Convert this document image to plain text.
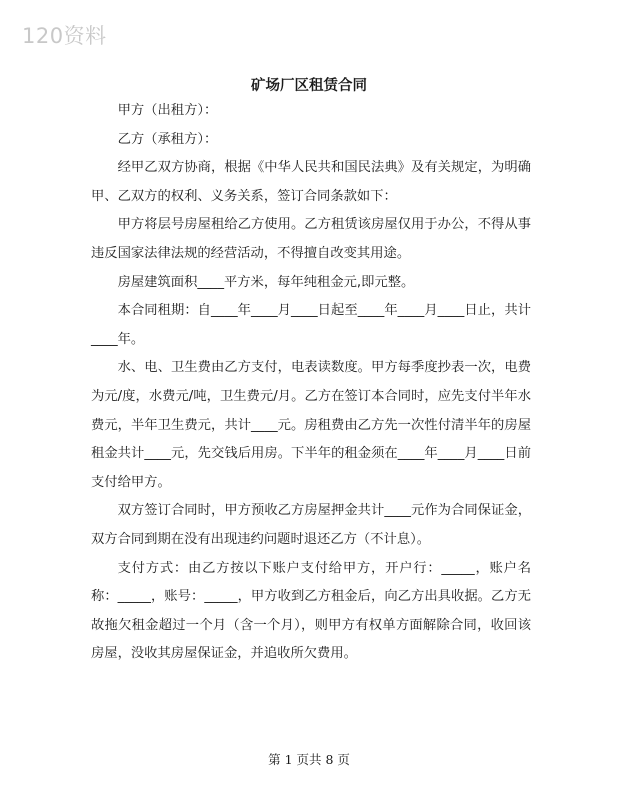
120资料
矿场厂区租赁合同

甲方（出租方）：

乙方（承租方）：

经甲乙双方协商，根据《中华人民共和国民法典》及有关规定，为明确甲、乙双方的权利、义务关系，签订合同条款如下：

甲方将层号房屋租给乙方使用。乙方租赁该房屋仅用于办公，不得从事违反国家法律法规的经营活动，不得擅自改变其用途。

房屋建筑面积____平方米，每年纯租金元,即元整。

本合同租期：自____年____月____日起至____年____月____日止，共计____年。

水、电、卫生费由乙方支付，电表读数度。甲方每季度抄表一次，电费为元/度，水费元/吨，卫生费元/月。乙方在签订本合同时，应先支付半年水费元，半年卫生费元，共计____元。房租费由乙方先一次性付清半年的房屋租金共计____元，先交钱后用房。下半年的租金须在____年____月____日前支付给甲方。

双方签订合同时，甲方预收乙方房屋押金共计____元作为合同保证金，双方合同到期在没有出现违约问题时退还乙方（不计息）。

支付方式：由乙方按以下账户支付给甲方，开户行：_____，账户名称：_____，账号：_____，甲方收到乙方租金后，向乙方出具收据。乙方无故拖欠租金超过一个月（含一个月），则甲方有权单方面解除合同，收回该房屋，没收其房屋保证金，并追收所欠费用。

第 1 页共 8 页
